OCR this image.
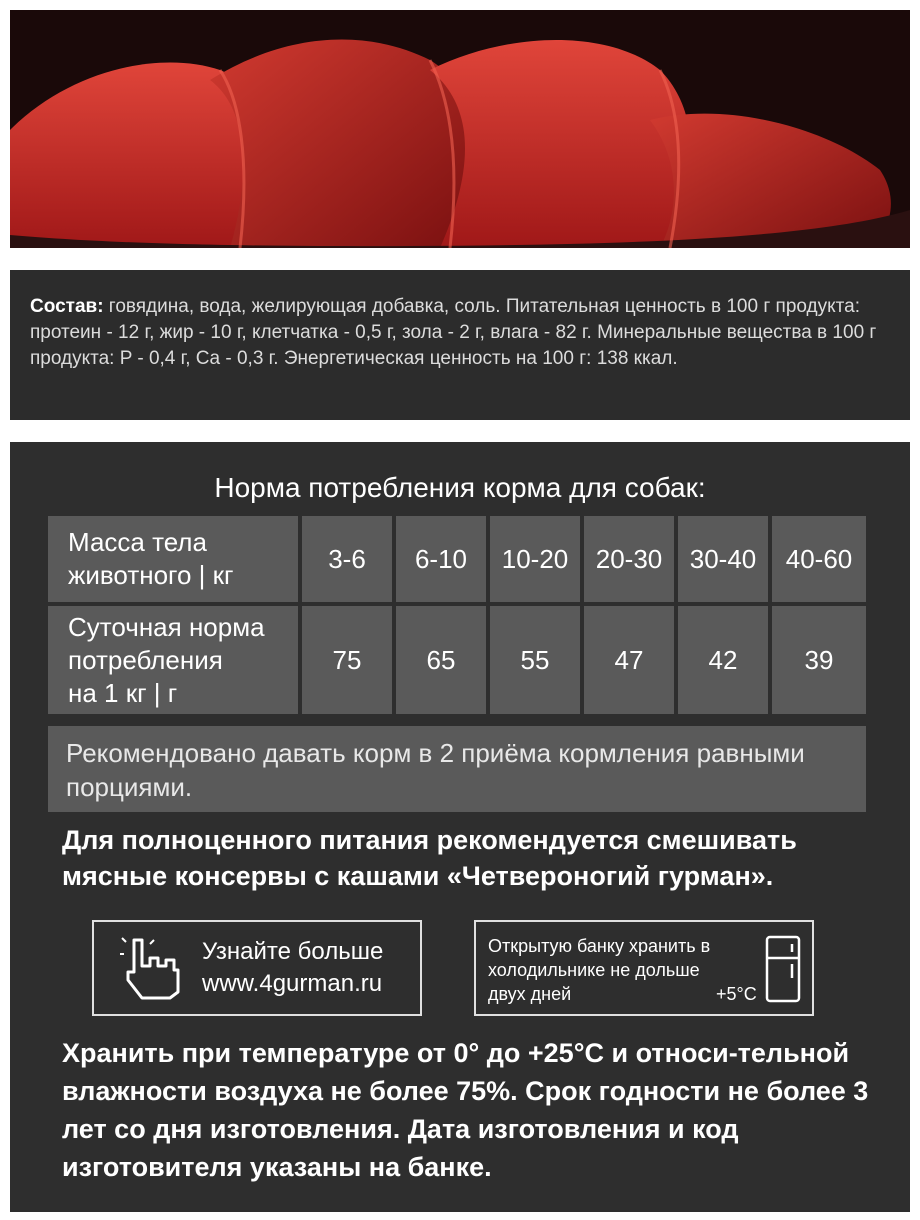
Состав: говядина, вода, желирующая добавка, соль. Питательная ценность в 100 г продукта: протеин - 12 г, жир - 10 г, клетчатка - 0,5 г, зола - 2 г, влага - 82 г. Минеральные вещества в 100 г продукта: P - 0,4 г, Ca - 0,3 г. Энергетическая ценность на 100 г: 138 ккал.

Норма потребления корма для собак:
Масса тела
животного | кг
Суточная норма
потребления
на 1 кг | г
3-6	6-10	10-20	20-30	30-40	40-60
75	65	55	47	42	39
Рекомендовано давать корм в 2 приёма кормления равными порциями.
Для полноценного питания рекомендуется смешивать мясные консервы с кашами «Четвероногий гурман».
Узнайте больше
www.4gurman.ru
Открытую банку хранить в холодильнике не дольше двух дней	+5°C
Хранить при температуре от 0° до +25°C и относи-тельной влажности воздуха не более 75%. Срок годности не более 3 лет со дня изготовления. Дата изготовления и код изготовителя указаны на банке.
